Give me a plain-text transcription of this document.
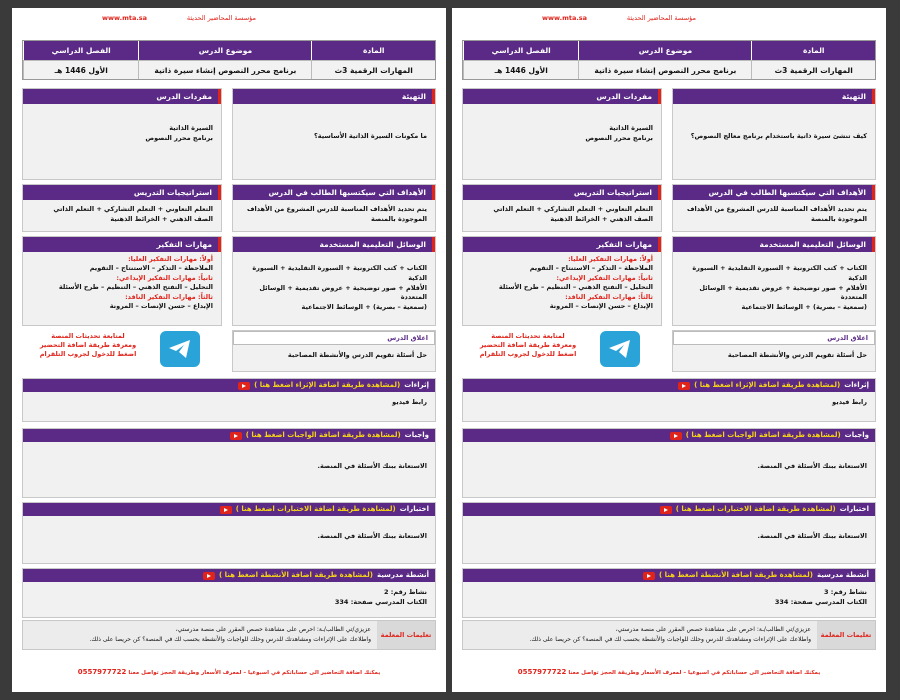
مؤسسة المحاضير الحديثة
www.mta.sa
المادة
موضوع الدرس
الفصل الدراسي
المهارات الرقمية 3ث
برنامج محرر النصوص إنشاء سيرة ذاتية
الأول 1446 هـ
التهيئة
ما مكونات السيرة الذاتية الأساسية؟
مفردات الدرس
السيرة الذاتية
برنامج محرر النصوص
الأهداف التي سيكتسبها الطالب في الدرس
يتم تحديد الأهداف المناسبة للدرس المشروع من الأهداف الموجودة بالمنصة
استراتيجيات التدريس
التعلم التعاوني + التعلم التشاركي + التعلم الذاتي
الصف الذهني + الخرائط الذهنية
الوسائل التعليمية المستخدمة
الكتاب + كتب الكترونية + السبورة التقليدية + السبورة الذكية
الأقلام + صور توضيحية + عروض تقديمية + الوسائل المتعددة
(سمعية – بصرية) + الوسائط الاجتماعية
مهارات التفكير
أولاً: مهارات التفكير العليا:
الملاحظة – التذكر – الاستنتاج – التقويم
ثانياً: مهارات التفكير الإبداعي:
التحليل – التفتح الذهني – التنظيم – طرح الأسئلة
ثالثاً: مهارات التفكير الناقد:
الإبداع – حسن الإنصات – المرونة
اغلاق الدرس
حل أسئلة تقويم الدرس والأنشطة المصاحبة
لمتابعة تحديثات المنصة
ومعرفة طريقة اضافة التحضير
اضغط للدخول لجروب التلقرام
إثراءات
(لمشاهدة طريقة اضافة الإثراء اضغط هنا )
رابط فيديو
واجبات
(لمشاهدة طريقة اضافة الواجبات اضغط هنا )
الاستعانة ببنك الأسئلة في المنصة.
اختبارات
(لمشاهدة طريقة اضافة الاختبارات اضغط هنا )
الاستعانة ببنك الأسئلة في المنصة.
أنشطة مدرسية
(لمشاهدة طريقة اضافة الأنشطة اضغط هنا )
نشاط رقم: 2
الكتاب المدرسي صفحة: 334
تعليمات المعلمة
عزيزي/تي الطالب/ـة: احرص على مشاهدة حصص المقرر على منصة مدرستي،
واطلاعك على الإثراءات ومشاهدتك للدرس وحلك للواجبات والأنشطة بحسب لك في المنصة؟ كن حريصا على ذلك.
يمكنك اضافة التحاضير الى حساباتكم في اسبوعيا – لمعرف الأسعار وطريقة الحجز تواصل معنا 0557977722
مؤسسة المحاضير الحديثة
www.mta.sa
المادة
موضوع الدرس
الفصل الدراسي
المهارات الرقمية 3ث
برنامج محرر النصوص إنشاء سيرة ذاتية
الأول 1446 هـ
التهيئة
كيف تنشئ سيرة ذاتية باستخدام برنامج معالج النصوص؟
مفردات الدرس
السيرة الذاتية
برنامج محرر النصوص
الأهداف التي سيكتسبها الطالب في الدرس
يتم تحديد الأهداف المناسبة للدرس المشروع من الأهداف الموجودة بالمنصة
استراتيجيات التدريس
التعلم التعاوني + التعلم التشاركي + التعلم الذاتي
الصف الذهني + الخرائط الذهنية
الوسائل التعليمية المستخدمة
الكتاب + كتب الكترونية + السبورة التقليدية + السبورة الذكية
الأقلام + صور توضيحية + عروض تقديمية + الوسائل المتعددة
(سمعية – بصرية) + الوسائط الاجتماعية
مهارات التفكير
أولاً: مهارات التفكير العليا:
الملاحظة – التذكر – الاستنتاج – التقويم
ثانياً: مهارات التفكير الإبداعي:
التحليل – التفتح الذهني – التنظيم – طرح الأسئلة
ثالثاً: مهارات التفكير الناقد:
الإبداع – حسن الإنصات – المرونة
اغلاق الدرس
حل أسئلة تقويم الدرس والأنشطة المصاحبة
لمتابعة تحديثات المنصة
ومعرفة طريقة اضافة التحضير
اضغط للدخول لجروب التلقرام
إثراءات
(لمشاهدة طريقة اضافة الإثراء اضغط هنا )
رابط فيديو
واجبات
(لمشاهدة طريقة اضافة الواجبات اضغط هنا )
الاستعانة ببنك الأسئلة في المنصة.
اختبارات
(لمشاهدة طريقة اضافة الاختبارات اضغط هنا )
الاستعانة ببنك الأسئلة في المنصة.
أنشطة مدرسية
(لمشاهدة طريقة اضافة الأنشطة اضغط هنا )
نشاط رقم: 3
الكتاب المدرسي صفحة: 334
تعليمات المعلمة
عزيزي/تي الطالب/ـة: احرص على مشاهدة حصص المقرر على منصة مدرستي،
واطلاعك على الإثراءات ومشاهدتك للدرس وحلك للواجبات والأنشطة بحسب لك في المنصة؟ كن حريصا على ذلك.
يمكنك اضافة التحاضير الى حساباتكم في اسبوعيا – لمعرف الأسعار وطريقة الحجز تواصل معنا 0557977722
